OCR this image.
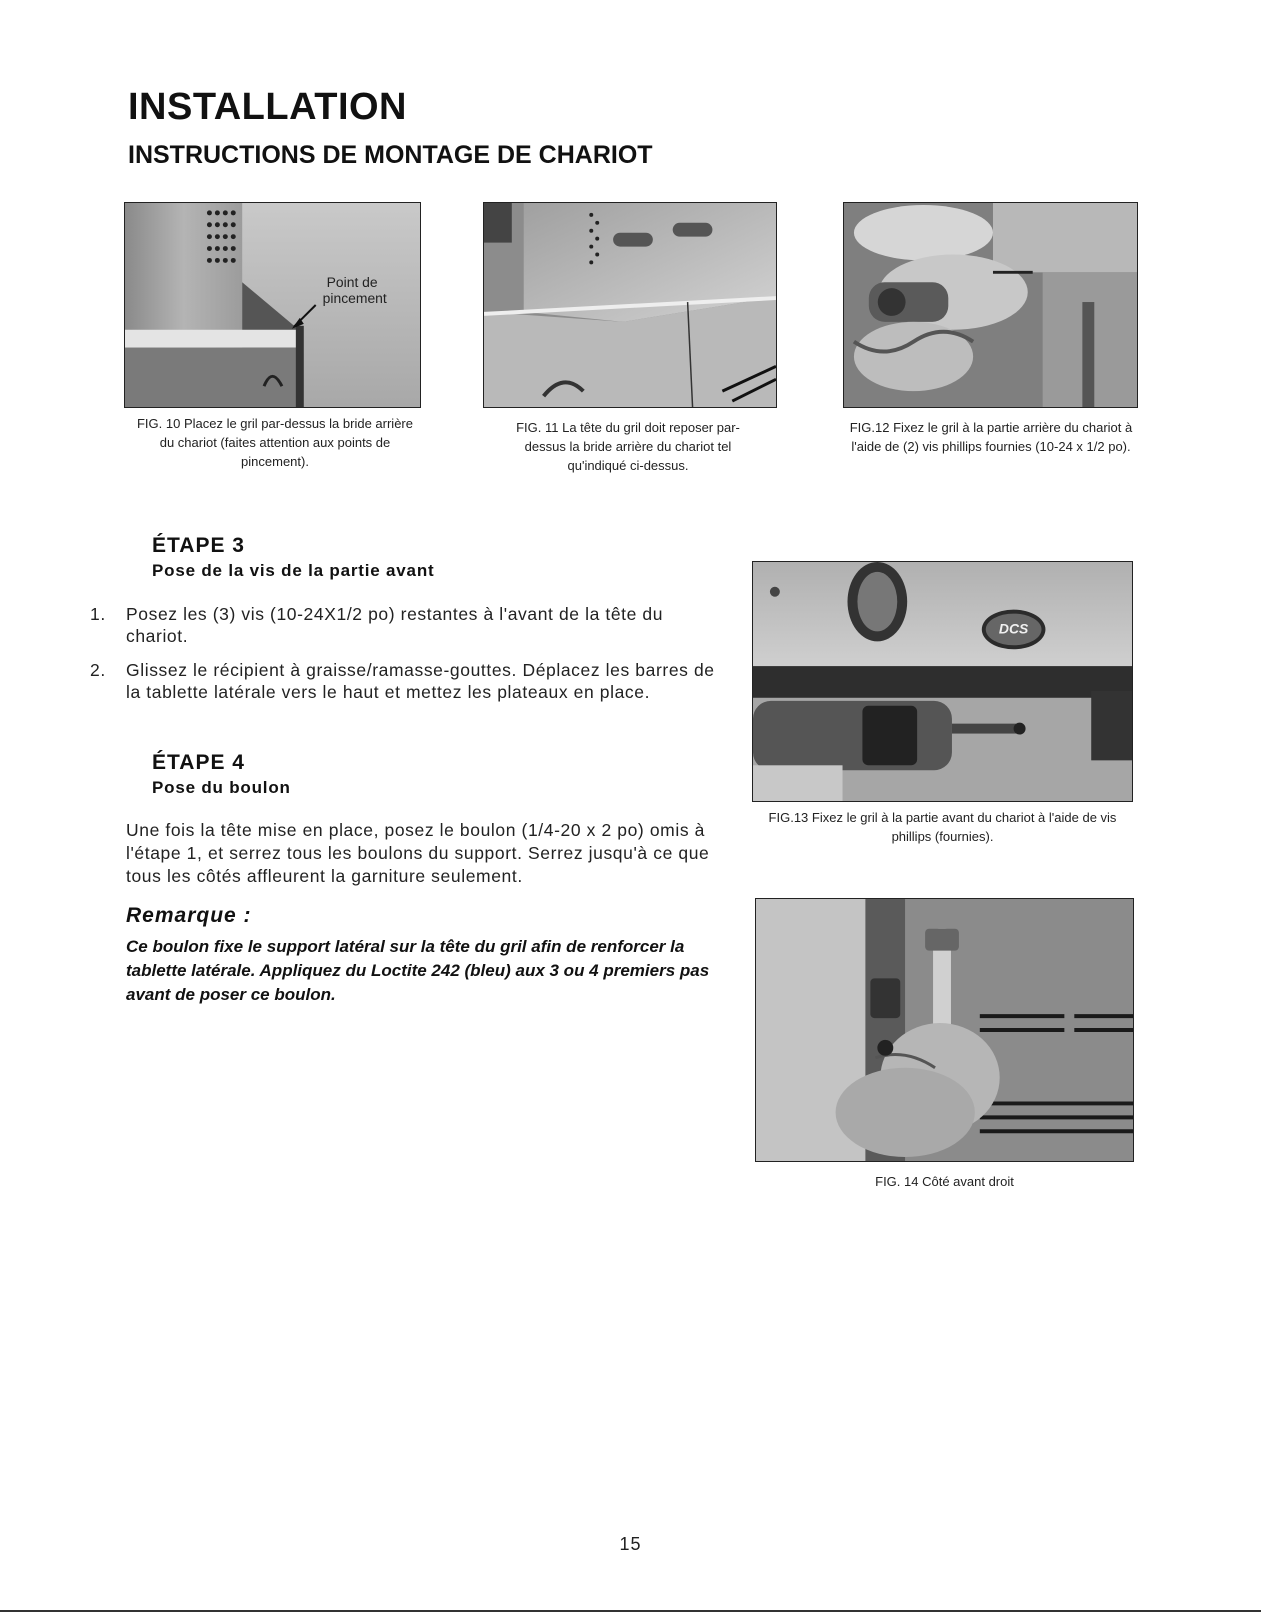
INSTALLATION
INSTRUCTIONS DE MONTAGE DE CHARIOT
Point de
pincement
FIG. 10 Placez le gril par-dessus la bride arrière du chariot (faites attention aux points de pincement).
FIG. 11 La tête du gril doit reposer par-dessus la bride arrière du chariot tel qu'indiqué ci-dessus.
FIG.12 Fixez le gril à la partie arrière du chariot à l'aide de (2) vis phillips fournies (10-24 x 1/2 po).
ÉTAPE 3
Pose de la vis de la partie avant
1.	Posez les (3) vis (10-24X1/2 po) restantes à l'avant de la tête du chariot.
2.	Glissez le récipient à graisse/ramasse-gouttes. Déplacez les barres de la tablette latérale vers le haut et mettez les plateaux en place.
DCS
FIG.13 Fixez le gril à la partie avant du chariot à l'aide de vis phillips (fournies).
ÉTAPE 4
Pose du boulon
Une fois la tête mise en place, posez le boulon (1/4-20 x 2 po) omis à l'étape 1, et serrez tous les boulons du support. Serrez jusqu'à ce que tous les côtés affleurent la garniture seulement.
Remarque :
Ce boulon fixe le support latéral sur la tête du gril afin de renforcer la tablette latérale. Appliquez du Loctite 242 (bleu) aux 3 ou 4 premiers pas avant de poser ce boulon.
FIG. 14 Côté avant droit
15
